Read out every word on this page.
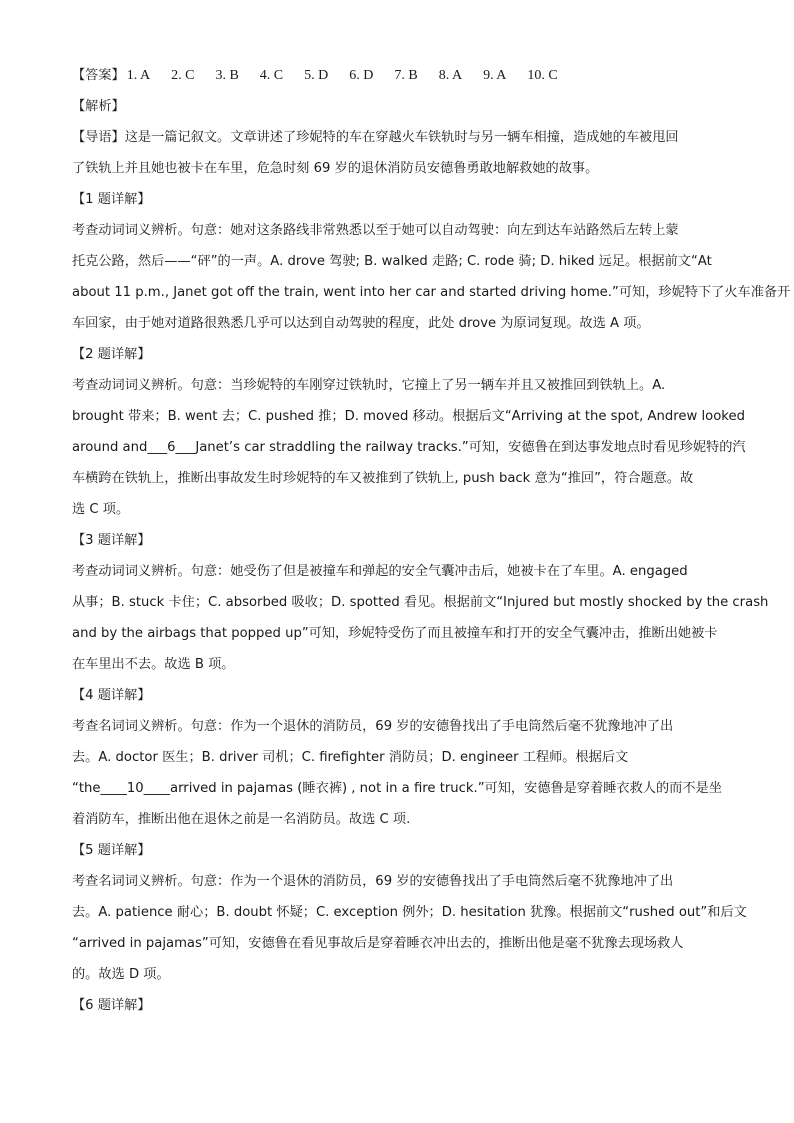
【答案】 1. A 2. C 3. B 4. C 5. D 6. D 7. B 8. A 9. A 10. C
【解析】
【导语】这是一篇记叙文。文章讲述了珍妮特的车在穿越火车铁轨时与另一辆车相撞，造成她的车被甩回
了铁轨上并且她也被卡在车里，危急时刻 69 岁的退休消防员安德鲁勇敢地解救她的故事。
【1 题详解】
考查动词词义辨析。句意：她对这条路线非常熟悉以至于她可以自动驾驶：向左到达车站路然后左转上蒙
托克公路，然后——“砰”的一声。A. drove 驾驶; B. walked 走路; C. rode 骑; D. hiked 远足。根据前文“At
about 11 p.m., Janet got off the train, went into her car and started driving home.”可知，珍妮特下了火车准备开
车回家，由于她对道路很熟悉几乎可以达到自动驾驶的程度，此处 drove 为原词复现。故选 A 项。
【2 题详解】
考查动词词义辨析。句意：当珍妮特的车刚穿过铁轨时，它撞上了另一辆车并且又被推回到铁轨上。A.
brought 带来；B. went 去；C. pushed 推；D. moved 移动。根据后文“Arriving at the spot, Andrew looked
around and___6___Janet’s car straddling the railway tracks.”可知，安德鲁在到达事发地点时看见珍妮特的汽
车横跨在铁轨上，推断出事故发生时珍妮特的车又被推到了铁轨上, push back 意为“推回”，符合题意。故
选 C 项。
【3 题详解】
考查动词词义辨析。句意：她受伤了但是被撞车和弹起的安全气囊冲击后，她被卡在了车里。A. engaged
从事；B. stuck 卡住；C. absorbed 吸收；D. spotted 看见。根据前文“Injured but mostly shocked by the crash
and by the airbags that popped up”可知，珍妮特受伤了而且被撞车和打开的安全气囊冲击，推断出她被卡
在车里出不去。故选 B 项。
【4 题详解】
考查名词词义辨析。句意：作为一个退休的消防员，69 岁的安德鲁找出了手电筒然后毫不犹豫地冲了出
去。A. doctor 医生；B. driver 司机；C. firefighter 消防员；D. engineer 工程师。根据后文
“the____10____arrived in pajamas (睡衣裤) , not in a fire truck.”可知，安德鲁是穿着睡衣救人的而不是坐
着消防车，推断出他在退休之前是一名消防员。故选 C 项.
【5 题详解】
考查名词词义辨析。句意：作为一个退休的消防员，69 岁的安德鲁找出了手电筒然后毫不犹豫地冲了出
去。A. patience 耐心；B. doubt 怀疑；C. exception 例外；D. hesitation 犹豫。根据前文“rushed out”和后文
“arrived in pajamas”可知，安德鲁在看见事故后是穿着睡衣冲出去的，推断出他是毫不犹豫去现场救人
的。故选 D 项。
【6 题详解】
